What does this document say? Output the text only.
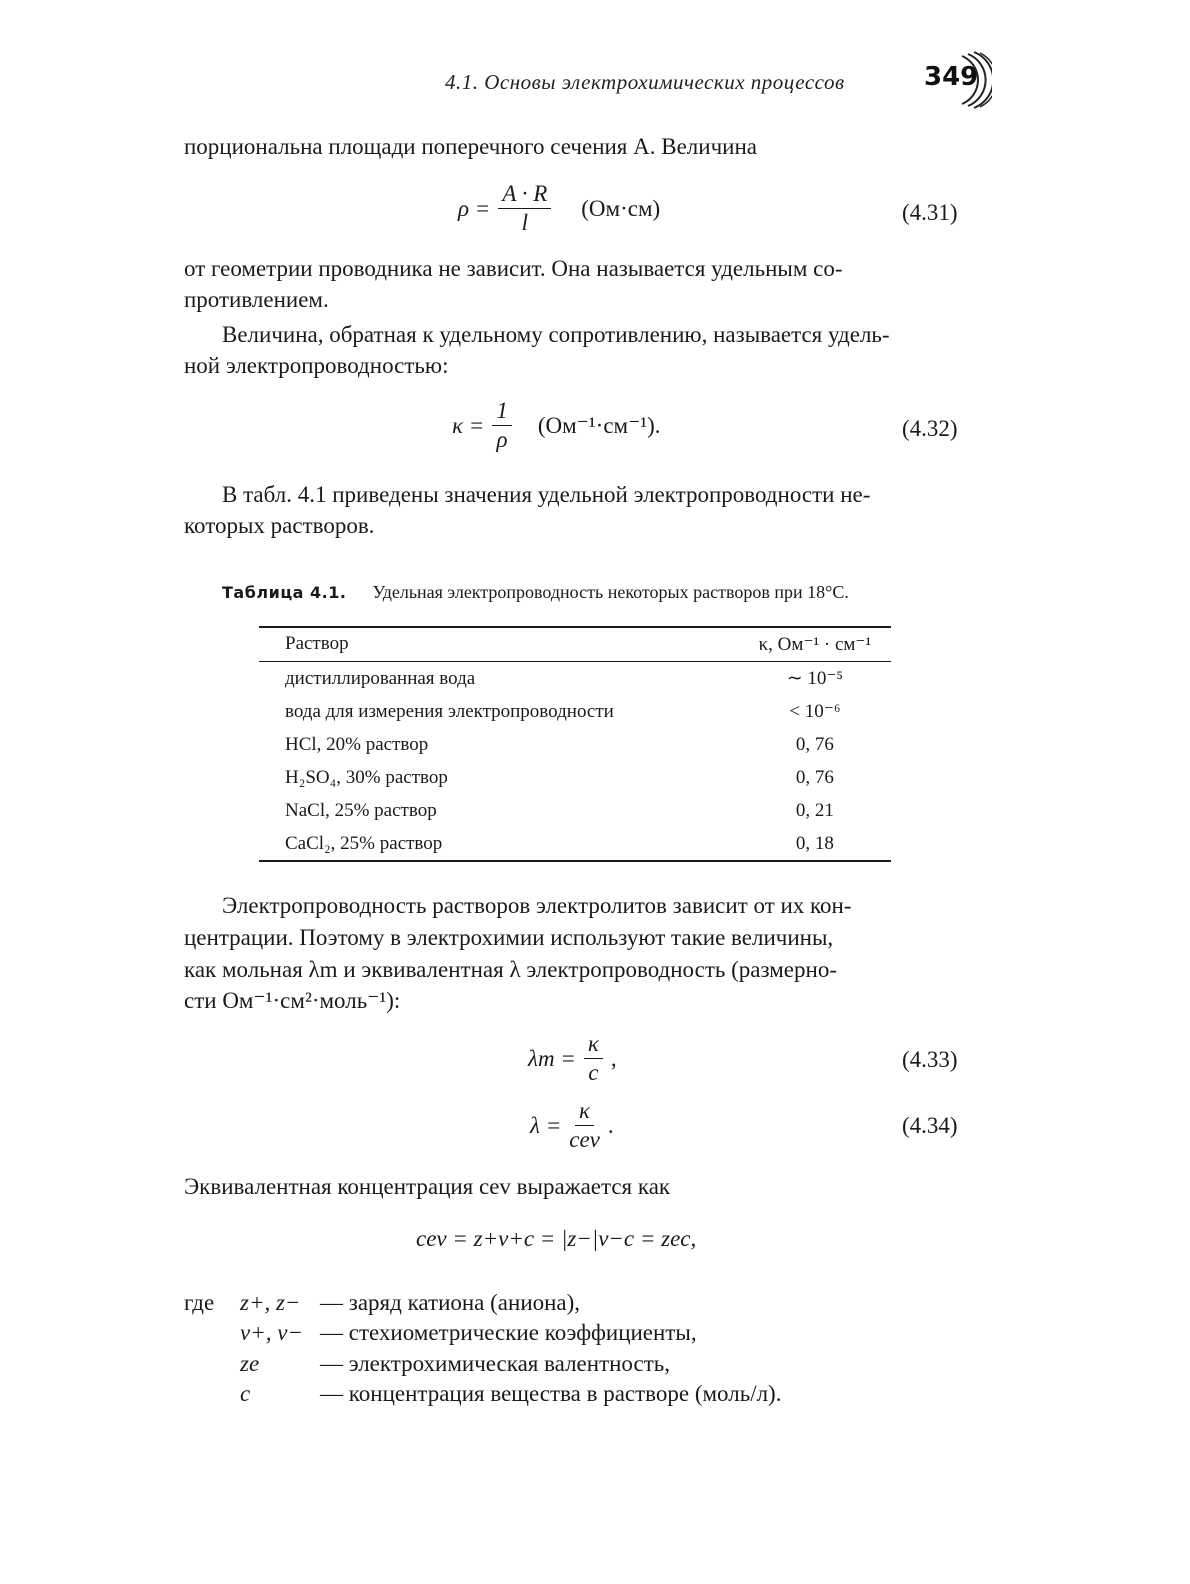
4.1. Основы электрохимических процессов	349
порциональна площади поперечного сечения A. Величина
$\rho = \frac{A \cdot R}{l} (Ом\cdot см)$	(4.31)
от геометрии проводника не зависит. Она называется удельным со-
противлением.
Величина, обратная к удельному сопротивлению, называется удель-
ной электропроводностью:
$\kappa = \frac{1}{\rho} (Ом^{-1}\cdot см^{-1})$.	(4.32)
В табл. 4.1 приведены значения удельной электропроводности не-
которых растворов.
Таблица 4.1. Удельная электропроводность некоторых растворов при 18°C.
Раствор	κ, Ом⁻¹ · см⁻¹
дистиллированная вода	∼ 10⁻⁵
вода для измерения электропроводности	< 10⁻⁶
HCl, 20% раствор	0, 76
H₂SO₄, 30% раствор	0, 76
NaCl, 25% раствор	0, 21
CaCl₂, 25% раствор	0, 18
Электропроводность растворов электролитов зависит от их кон-
центрации. Поэтому в электрохимии используют такие величины,
как мольная λm и эквивалентная λ электропроводность (размерно-
сти Ом⁻¹·см²·моль⁻¹):
$\lambda m = \frac{\kappa}{c}$ ,	(4.33)
$\lambda = \frac{\kappa}{\text{cev}}$ .	(4.34)
Эквивалентная концентрация cev выражается как
cev = z+ν+c = |z−|ν−c = zec,
где z+, z− — заряд катиона (аниона),
ν+, ν− — стехиометрические коэффициенты,
ze	— электрохимическая валентность,
c	— концентрация вещества в растворе (моль/л).
